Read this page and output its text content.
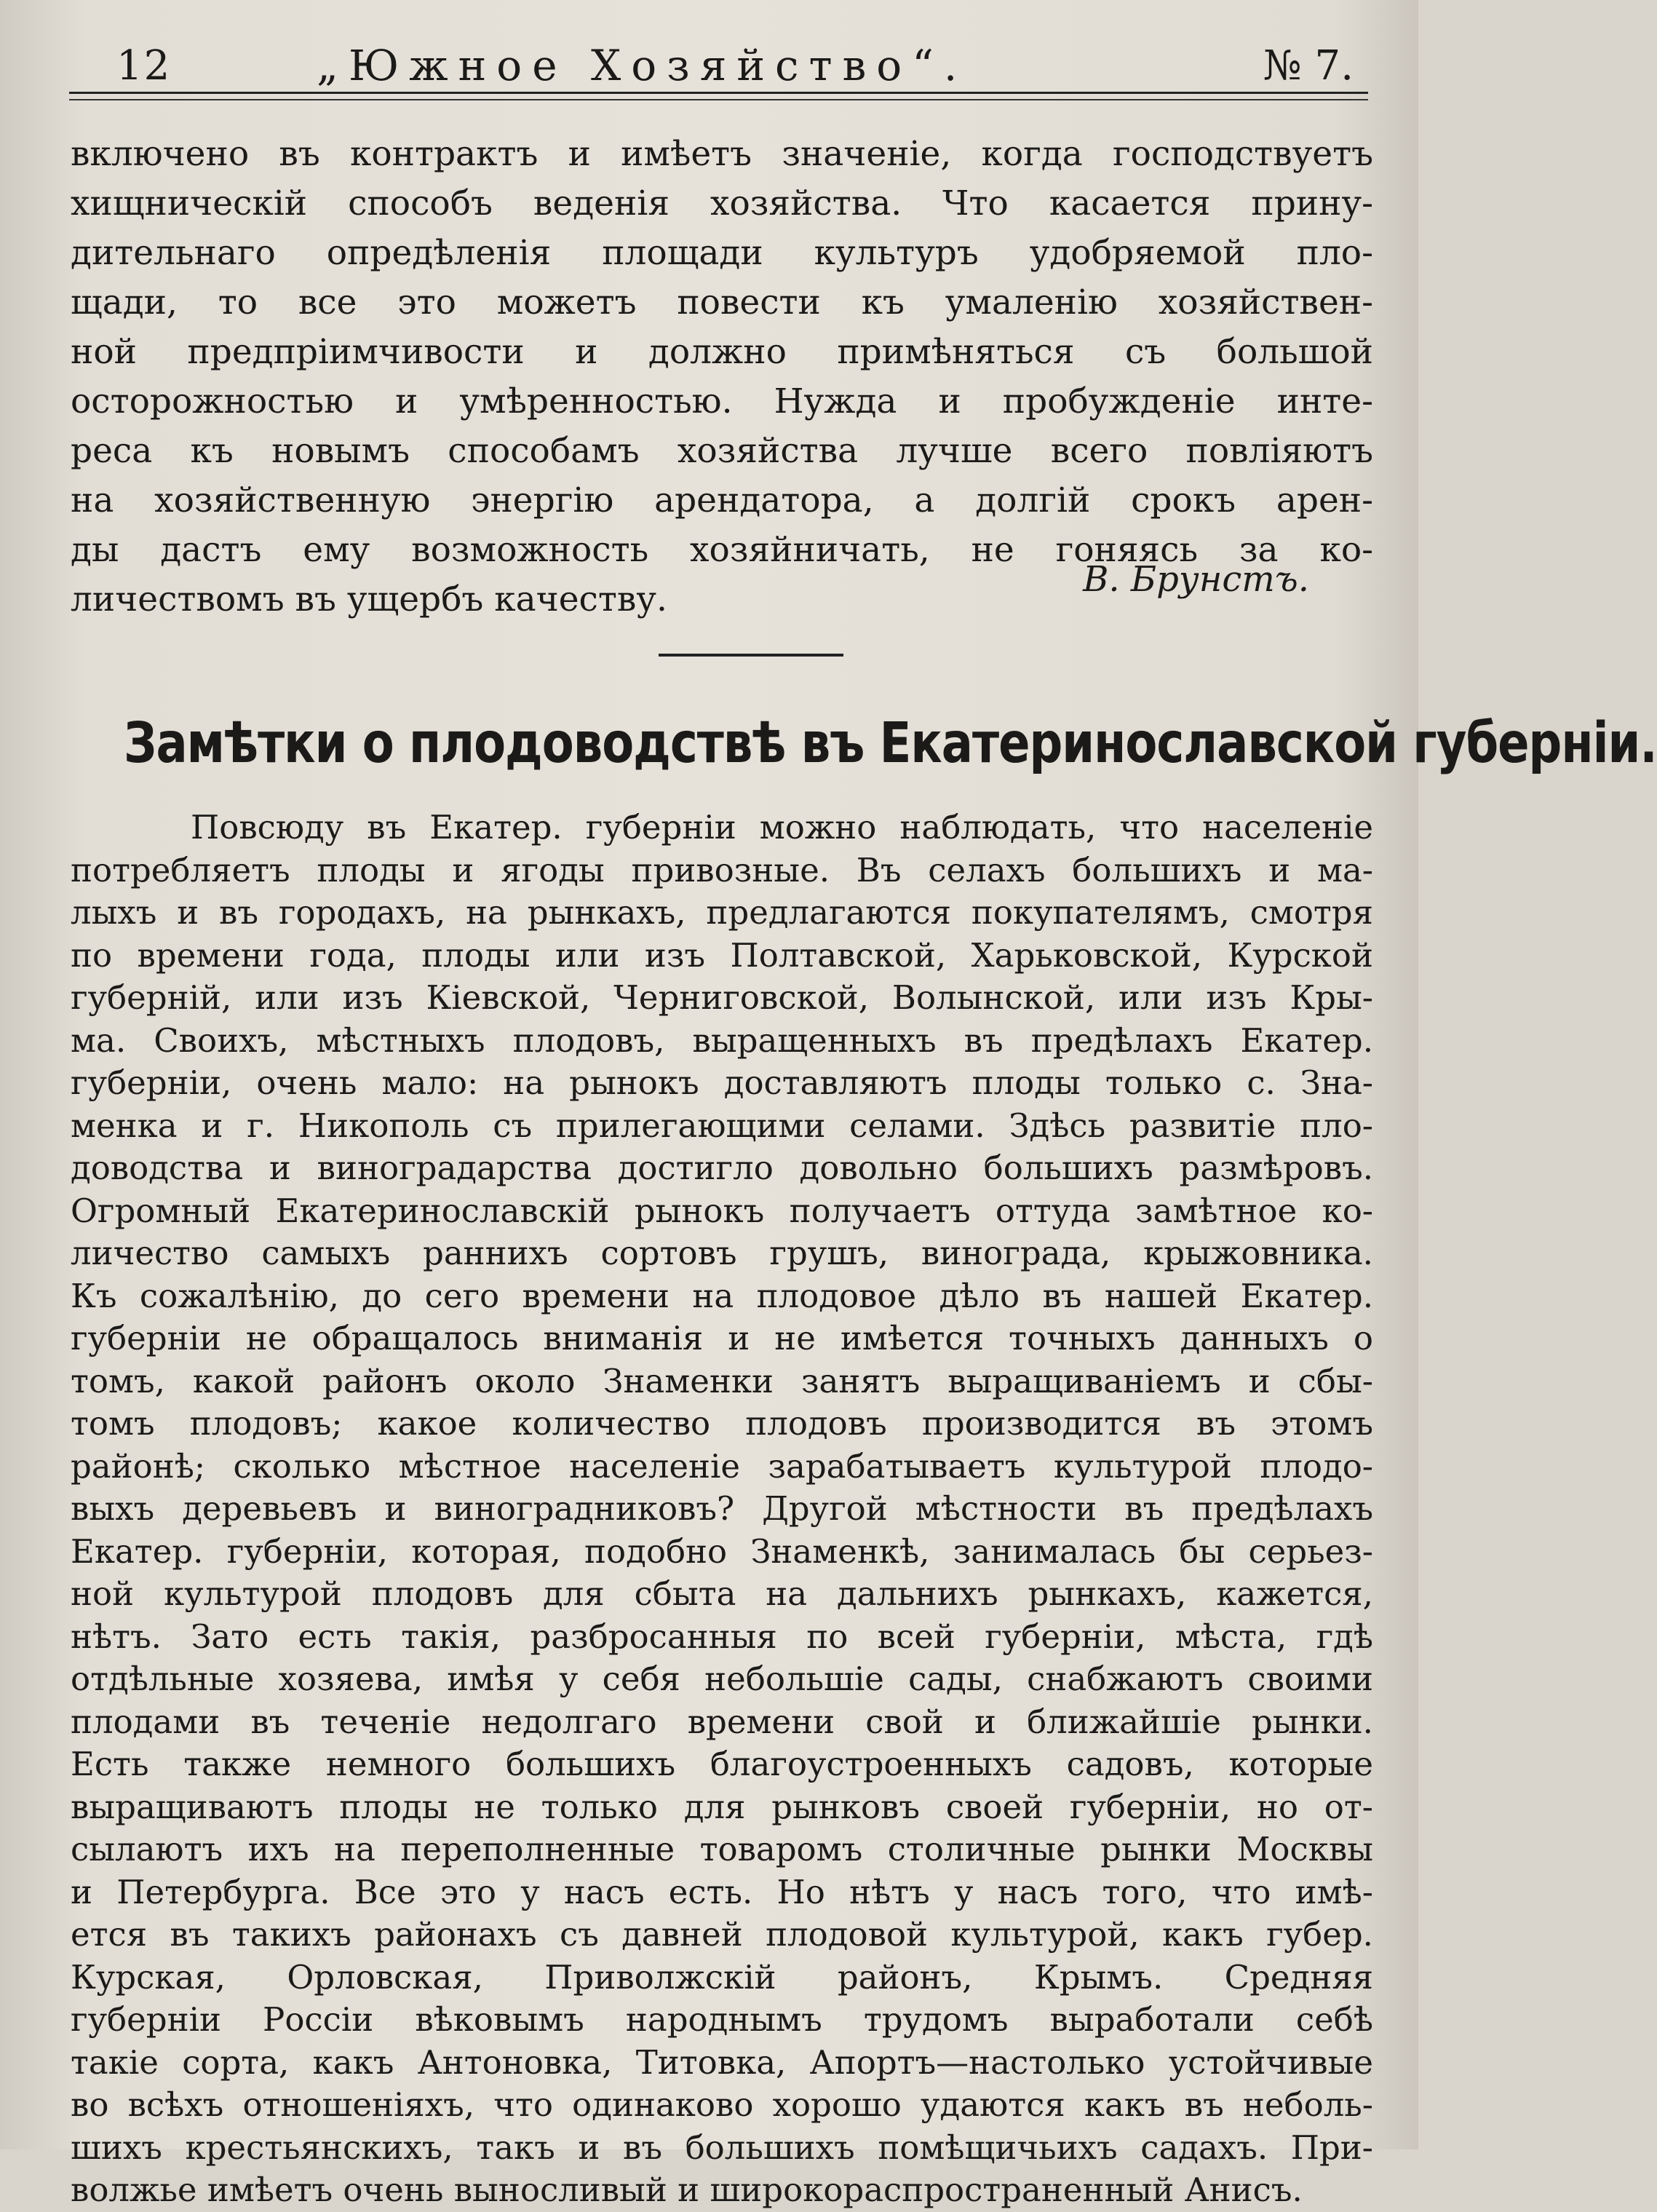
12	„Южное Хозяйство“.	№ 7.
включено въ контрактъ и имѣетъ значеніе, когда господствуетъ
хищническій способъ веденія хозяйства. Что касается прину-
дительнаго опредѣленія площади культуръ удобряемой пло-
щади, то все это можетъ повести къ умаленію хозяйствен-
ной предпріимчивости и должно примѣняться съ большой
осторожностью и умѣренностью. Нужда и пробужденіе инте-
реса къ новымъ способамъ хозяйства лучше всего повліяютъ
на хозяйственную энергію арендатора, а долгій срокъ арен-
ды дастъ ему возможность хозяйничать, не гоняясь за ко-
личествомъ въ ущербъ качеству.	В. Брунстъ.
Замѣтки о плодоводствѣ въ Екатеринославской губерніи.
Повсюду въ Екатер. губерніи можно наблюдать, что населеніе
потребляетъ плоды и ягоды привозные. Въ селахъ большихъ и ма-
лыхъ и въ городахъ, на рынкахъ, предлагаются покупателямъ, смотря
по времени года, плоды или изъ Полтавской, Харьковской, Курской
губерній, или изъ Кіевской, Черниговской, Волынской, или изъ Кры-
ма. Своихъ, мѣстныхъ плодовъ, выращенныхъ въ предѣлахъ Екатер.
губерніи, очень мало: на рынокъ доставляютъ плоды только с. Зна-
менка и г. Никополь съ прилегающими селами. Здѣсь развитіе пло-
доводства и виноградарства достигло довольно большихъ размѣровъ.
Огромный Екатеринославскій рынокъ получаетъ оттуда замѣтное ко-
личество самыхъ раннихъ сортовъ грушъ, винограда, крыжовника.
Къ сожалѣнію, до сего времени на плодовое дѣло въ нашей Екатер.
губерніи не обращалось вниманія и не имѣется точныхъ данныхъ о
томъ, какой районъ около Знаменки занятъ выращиваніемъ и сбы-
томъ плодовъ; какое количество плодовъ производится въ этомъ
районѣ; сколько мѣстное населеніе зарабатываетъ культурой плодо-
выхъ деревьевъ и виноградниковъ? Другой мѣстности въ предѣлахъ
Екатер. губерніи, которая, подобно Знаменкѣ, занималась бы серьез-
ной культурой плодовъ для сбыта на дальнихъ рынкахъ, кажется,
нѣтъ. Зато есть такія, разбросанныя по всей губерніи, мѣста, гдѣ
отдѣльные хозяева, имѣя у себя небольшіе сады, снабжаютъ своими
плодами въ теченіе недолгаго времени свой и ближайшіе рынки.
Есть также немного большихъ благоустроенныхъ садовъ, которые
выращиваютъ плоды не только для рынковъ своей губерніи, но от-
сылаютъ ихъ на переполненные товаромъ столичные рынки Москвы
и Петербурга. Все это у насъ есть. Но нѣтъ у насъ того, что имѣ-
ется въ такихъ районахъ съ давней плодовой культурой, какъ губер.
Курская, Орловская, Приволжскій районъ, Крымъ. Средняя
губерніи Россіи вѣковымъ народнымъ трудомъ выработали себѣ
такіе сорта, какъ Антоновка, Титовка, Апортъ—настолько устойчивые
во всѣхъ отношеніяхъ, что одинаково хорошо удаются какъ въ неболь-
шихъ крестьянскихъ, такъ и въ большихъ помѣщичьихъ садахъ. При-
волжье имѣетъ очень выносливый и широкораспространенный Анисъ.
